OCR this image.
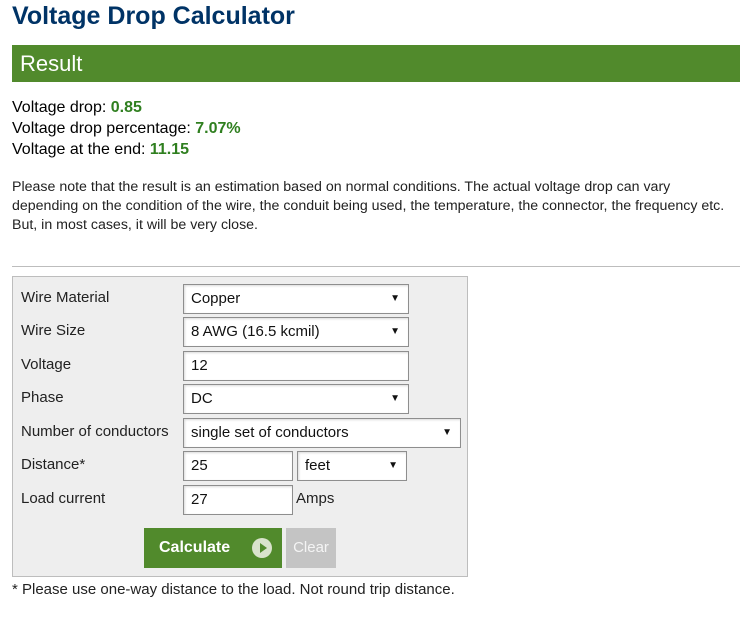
Voltage Drop Calculator
Result
Voltage drop: 0.85
Voltage drop percentage: 7.07%
Voltage at the end: 11.15
Please note that the result is an estimation based on normal conditions. The actual voltage drop can vary depending on the condition of the wire, the conduit being used, the temperature, the connector, the frequency etc. But, in most cases, it will be very close.
Wire Material	Copper	▼
Wire Size	8 AWG (16.5 kcmil)	▼
Voltage	12
Phase	DC	▼
Number of conductors	single set of conductors	▼
Distance*	25	feet	▼
Load current	27	Amps
Calculate	Clear
* Please use one-way distance to the load. Not round trip distance.
